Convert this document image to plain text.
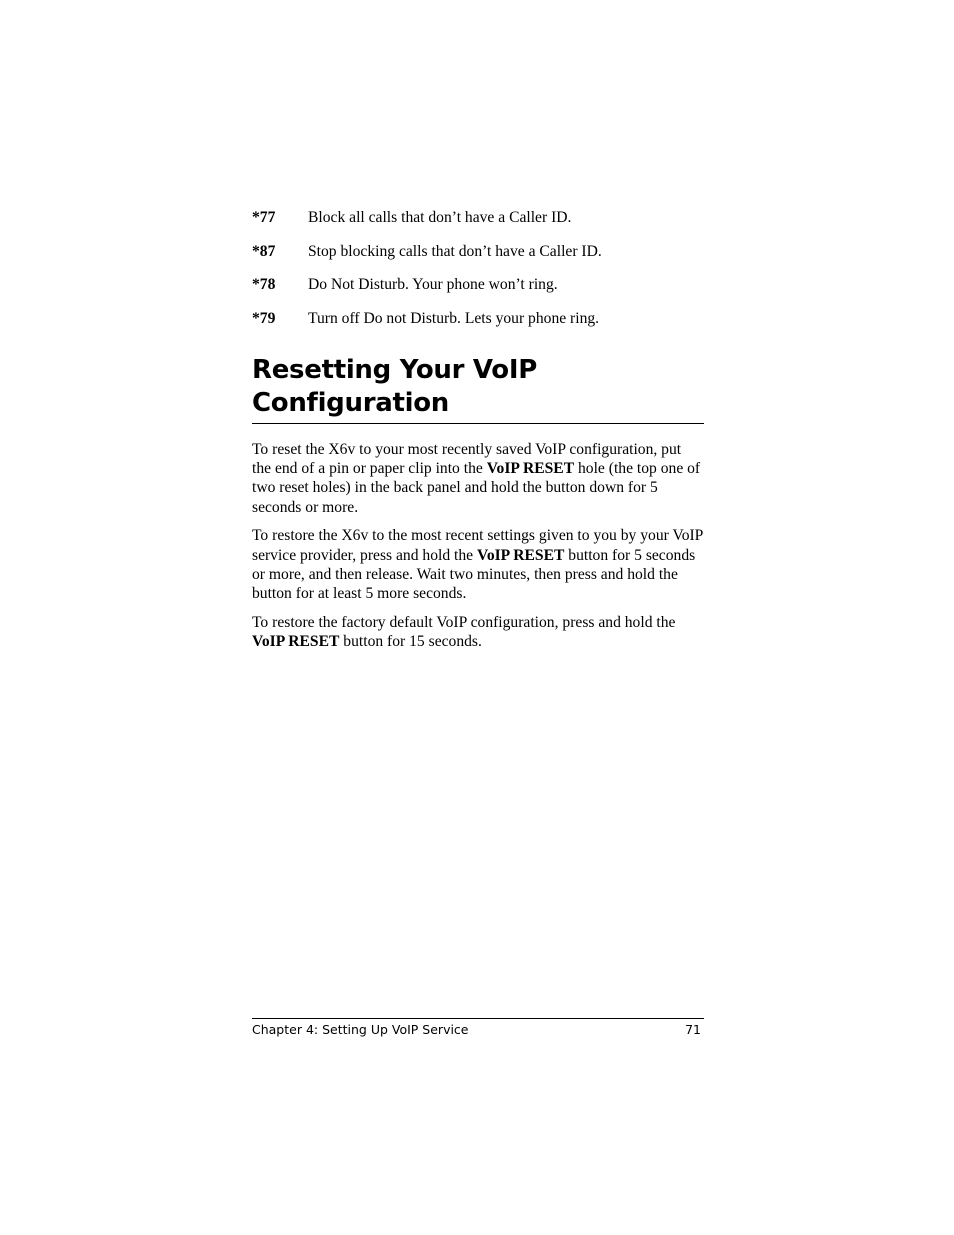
*77	Block all calls that don’t have a Caller ID.
*87	Stop blocking calls that don’t have a Caller ID.
*78	Do Not Disturb. Your phone won’t ring.
*79	Turn off Do not Disturb. Lets your phone ring.
Resetting Your VoIP
Configuration

To reset the X6v to your most recently saved VoIP configuration, put the end of a pin or paper clip into the VoIP RESET hole (the top one of two reset holes) in the back panel and hold the button down for 5 seconds or more.

To restore the X6v to the most recent settings given to you by your VoIP service provider, press and hold the VoIP RESET button for 5 seconds or more, and then release. Wait two minutes, then press and hold the button for at least 5 more seconds.

To restore the factory default VoIP configuration, press and hold the VoIP RESET button for 15 seconds.

Chapter 4: Setting Up VoIP Service	71
